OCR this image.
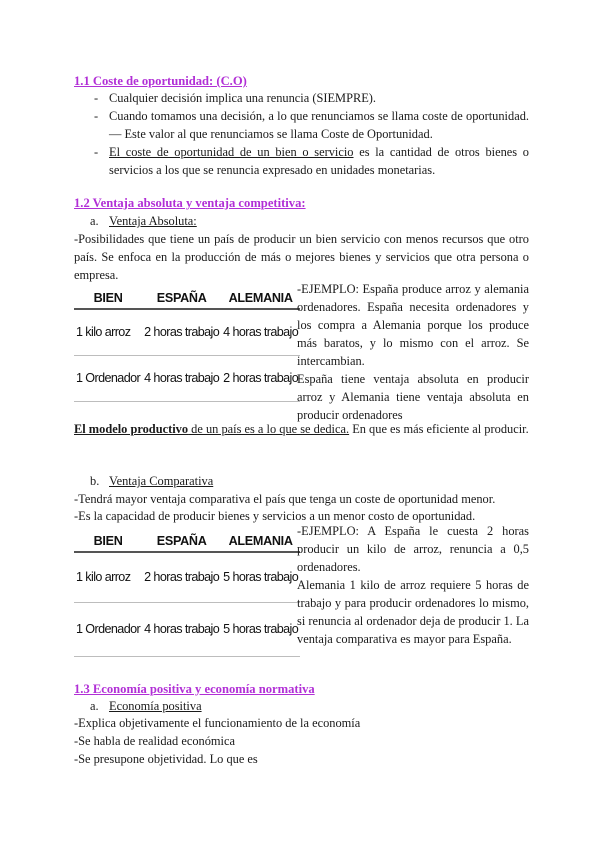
1.1 Coste de oportunidad: (C.O)
- Cualquier decisión implica una renuncia (SIEMPRE).
- Cuando tomamos una decisión, a lo que renunciamos se llama coste de oportunidad. — Este valor al que renunciamos se llama Coste de Oportunidad.
- El coste de oportunidad de un bien o servicio es la cantidad de otros bienes o servicios a los que se renuncia expresado en unidades monetarias.
1.2 Ventaja absoluta y ventaja competitiva:
a. Ventaja Absoluta:
-Posibilidades que tiene un país de producir un bien servicio con menos recursos que otro país. Se enfoca en la producción de más o mejores bienes y servicios que otra persona o empresa.
BIEN	ESPAÑA	ALEMANIA
1 kilo arroz	2 horas trabajo	4 horas trabajo
1 Ordenador	4 horas trabajo	2 horas trabajo
-EJEMPLO: España produce arroz y alemania ordenadores. España necesita ordenadores y los compra a Alemania porque los produce más baratos, y lo mismo con el arroz. Se intercambian.
España tiene ventaja absoluta en producir arroz y Alemania tiene ventaja absoluta en producir ordenadores
El modelo productivo de un país es a lo que se dedica. En que es más eficiente al producir.
b. Ventaja Comparativa
-Tendrá mayor ventaja comparativa el país que tenga un coste de oportunidad menor.
-Es la capacidad de producir bienes y servicios a un menor costo de oportunidad.
BIEN	ESPAÑA	ALEMANIA
1 kilo arroz	2 horas trabajo	5 horas trabajo
1 Ordenador	4 horas trabajo	5 horas trabajo
-EJEMPLO: A España le cuesta 2 horas producir un kilo de arroz, renuncia a 0,5 ordenadores.
Alemania 1 kilo de arroz requiere 5 horas de trabajo y para producir ordenadores lo mismo, si renuncia al ordenador deja de producir 1. La ventaja comparativa es mayor para España.
1.3 Economía positiva y economía normativa
a. Economía positiva
-Explica objetivamente el funcionamiento de la economía
-Se habla de realidad económica
-Se presupone objetividad. Lo que es
